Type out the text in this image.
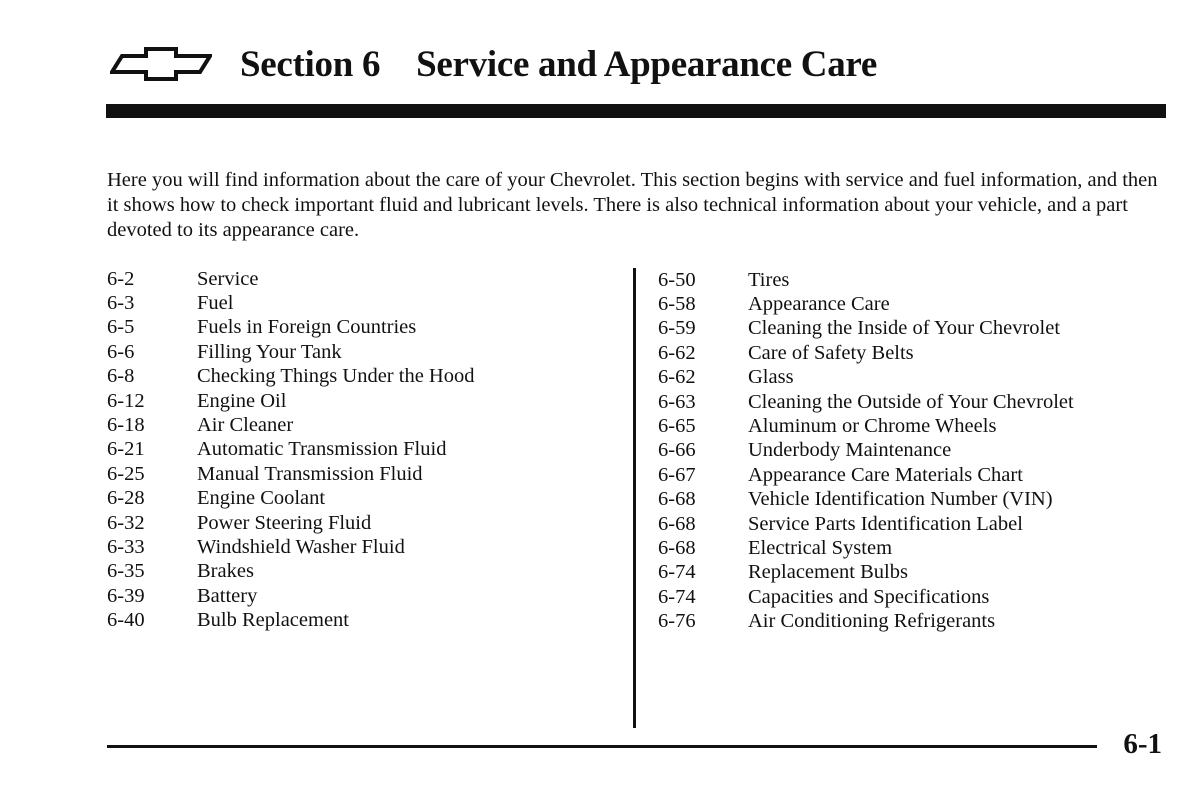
Section 6 Service and Appearance Care

Here you will find information about the care of your Chevrolet. This section begins with service and fuel information, and then it shows how to check important fluid and lubricant levels. There is also technical information about your vehicle, and a part devoted to its appearance care.

6-2	Service
6-3	Fuel
6-5	Fuels in Foreign Countries
6-6	Filling Your Tank
6-8	Checking Things Under the Hood
6-12	Engine Oil
6-18	Air Cleaner
6-21	Automatic Transmission Fluid
6-25	Manual Transmission Fluid
6-28	Engine Coolant
6-32	Power Steering Fluid
6-33	Windshield Washer Fluid
6-35	Brakes
6-39	Battery
6-40	Bulb Replacement
6-50	Tires
6-58	Appearance Care
6-59	Cleaning the Inside of Your Chevrolet
6-62	Care of Safety Belts
6-62	Glass
6-63	Cleaning the Outside of Your Chevrolet
6-65	Aluminum or Chrome Wheels
6-66	Underbody Maintenance
6-67	Appearance Care Materials Chart
6-68	Vehicle Identification Number (VIN)
6-68	Service Parts Identification Label
6-68	Electrical System
6-74	Replacement Bulbs
6-74	Capacities and Specifications
6-76	Air Conditioning Refrigerants
6-1
